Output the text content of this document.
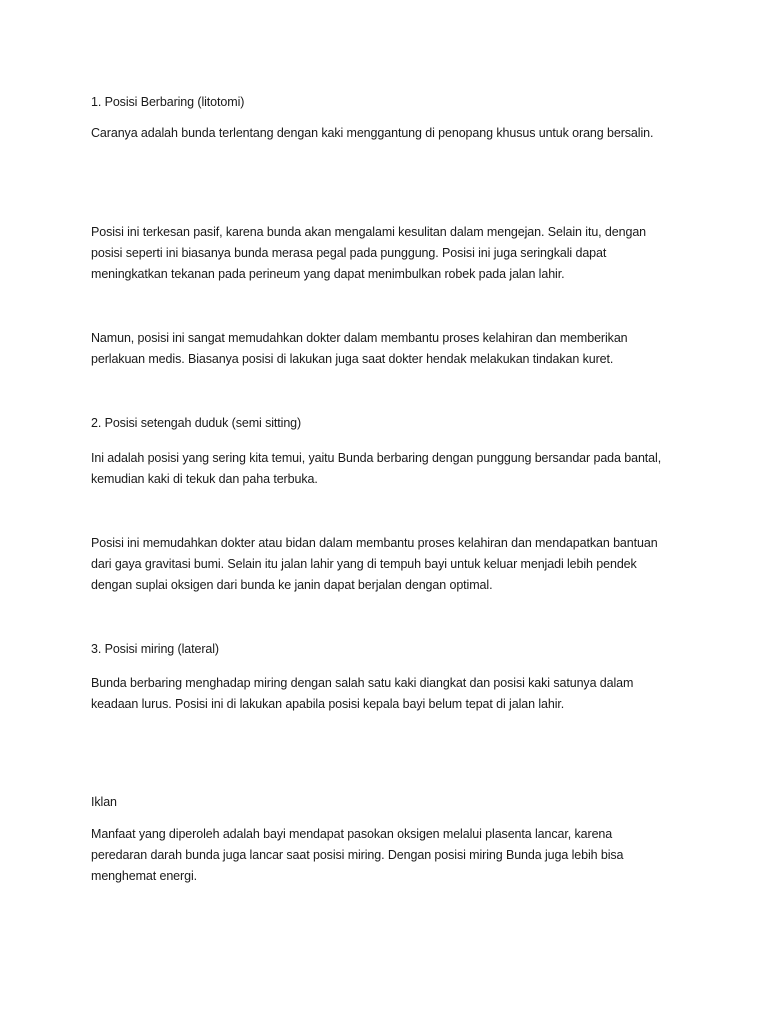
1. Posisi Berbaring (litotomi)
Caranya adalah bunda terlentang dengan kaki menggantung di penopang khusus untuk orang bersalin.
Posisi ini terkesan pasif, karena bunda akan mengalami kesulitan dalam mengejan. Selain itu, dengan
posisi seperti ini biasanya bunda merasa pegal pada punggung. Posisi ini juga seringkali dapat
meningkatkan tekanan pada perineum yang dapat menimbulkan robek pada jalan lahir.
Namun, posisi ini sangat memudahkan dokter dalam membantu proses kelahiran dan memberikan
perlakuan medis. Biasanya posisi di lakukan juga saat dokter hendak melakukan tindakan kuret.
2. Posisi setengah duduk (semi sitting)
Ini adalah posisi yang sering kita temui, yaitu Bunda berbaring dengan punggung bersandar pada bantal,
kemudian kaki di tekuk dan paha terbuka.
Posisi ini memudahkan dokter atau bidan dalam membantu proses kelahiran dan mendapatkan bantuan
dari gaya gravitasi bumi. Selain itu jalan lahir yang di tempuh bayi untuk keluar menjadi lebih pendek
dengan suplai oksigen dari bunda ke janin dapat berjalan dengan optimal.
3. Posisi miring (lateral)
Bunda berbaring menghadap miring dengan salah satu kaki diangkat dan posisi kaki satunya dalam
keadaan lurus. Posisi ini di lakukan apabila posisi kepala bayi belum tepat di jalan lahir.
Iklan
Manfaat yang diperoleh adalah bayi mendapat pasokan oksigen melalui plasenta lancar, karena
peredaran darah bunda juga lancar saat posisi miring. Dengan posisi miring Bunda juga lebih bisa
menghemat energi.
